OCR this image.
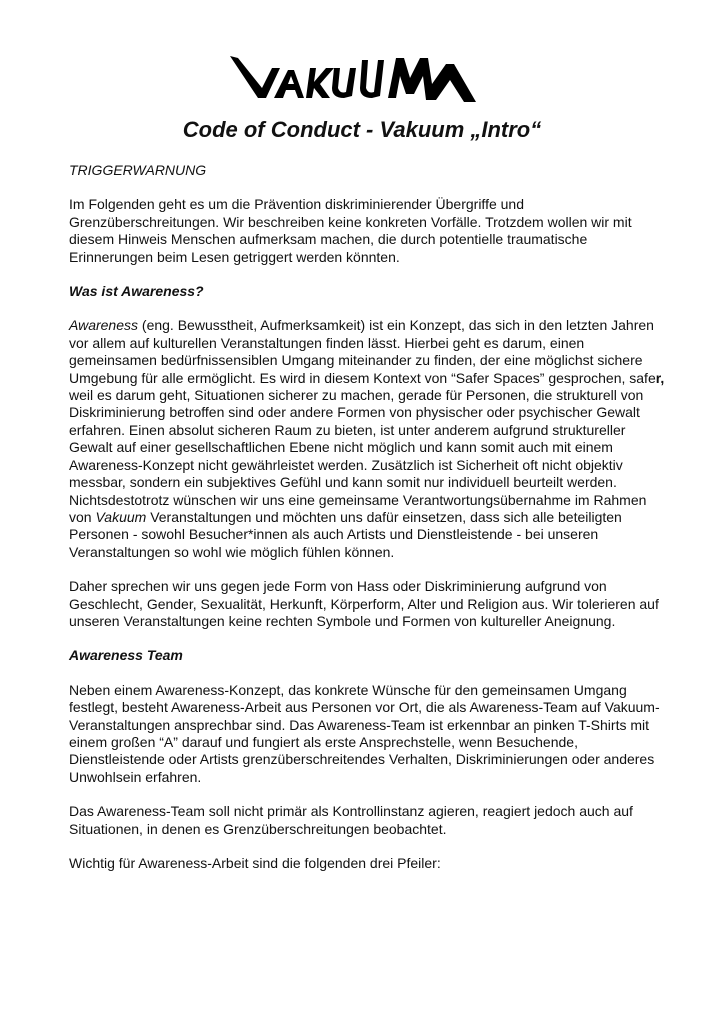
Code of Conduct - Vakuum „Intro“

TRIGGERWARNUNG

Im Folgenden geht es um die Prävention diskriminierender Übergriffe und Grenzüberschreitungen. Wir beschreiben keine konkreten Vorfälle. Trotzdem wollen wir mit diesem Hinweis Menschen aufmerksam machen, die durch potentielle traumatische Erinnerungen beim Lesen getriggert werden könnten.

Was ist Awareness?

Awareness (eng. Bewusstheit, Aufmerksamkeit) ist ein Konzept, das sich in den letzten Jahren vor allem auf kulturellen Veranstaltungen finden lässt. Hierbei geht es darum, einen gemeinsamen bedürfnissensiblen Umgang miteinander zu finden, der eine möglichst sichere Umgebung für alle ermöglicht. Es wird in diesem Kontext von “Safer Spaces” gesprochen, safer, weil es darum geht, Situationen sicherer zu machen, gerade für Personen, die strukturell von Diskriminierung betroffen sind oder andere Formen von physischer oder psychischer Gewalt erfahren. Einen absolut sicheren Raum zu bieten, ist unter anderem aufgrund struktureller Gewalt auf einer gesellschaftlichen Ebene nicht möglich und kann somit auch mit einem Awareness-Konzept nicht gewährleistet werden. Zusätzlich ist Sicherheit oft nicht objektiv messbar, sondern ein subjektives Gefühl und kann somit nur individuell beurteilt werden. Nichtsdestotrotz wünschen wir uns eine gemeinsame Verantwortungsübernahme im Rahmen von Vakuum Veranstaltungen und möchten uns dafür einsetzen, dass sich alle beteiligten Personen - sowohl Besucher*innen als auch Artists und Dienstleistende - bei unseren Veranstaltungen so wohl wie möglich fühlen können.

Daher sprechen wir uns gegen jede Form von Hass oder Diskriminierung aufgrund von Geschlecht, Gender, Sexualität, Herkunft, Körperform, Alter und Religion aus. Wir tolerieren auf unseren Veranstaltungen keine rechten Symbole und Formen von kultureller Aneignung.

Awareness Team

Neben einem Awareness-Konzept, das konkrete Wünsche für den gemeinsamen Umgang festlegt, besteht Awareness-Arbeit aus Personen vor Ort, die als Awareness-Team auf Vakuum-Veranstaltungen ansprechbar sind. Das Awareness-Team ist erkennbar an pinken T-Shirts mit einem großen “A” darauf und fungiert als erste Ansprechstelle, wenn Besuchende, Dienstleistende oder Artists grenzüberschreitendes Verhalten, Diskriminierungen oder anderes Unwohlsein erfahren.

Das Awareness-Team soll nicht primär als Kontrollinstanz agieren, reagiert jedoch auch auf Situationen, in denen es Grenzüberschreitungen beobachtet.

Wichtig für Awareness-Arbeit sind die folgenden drei Pfeiler:
